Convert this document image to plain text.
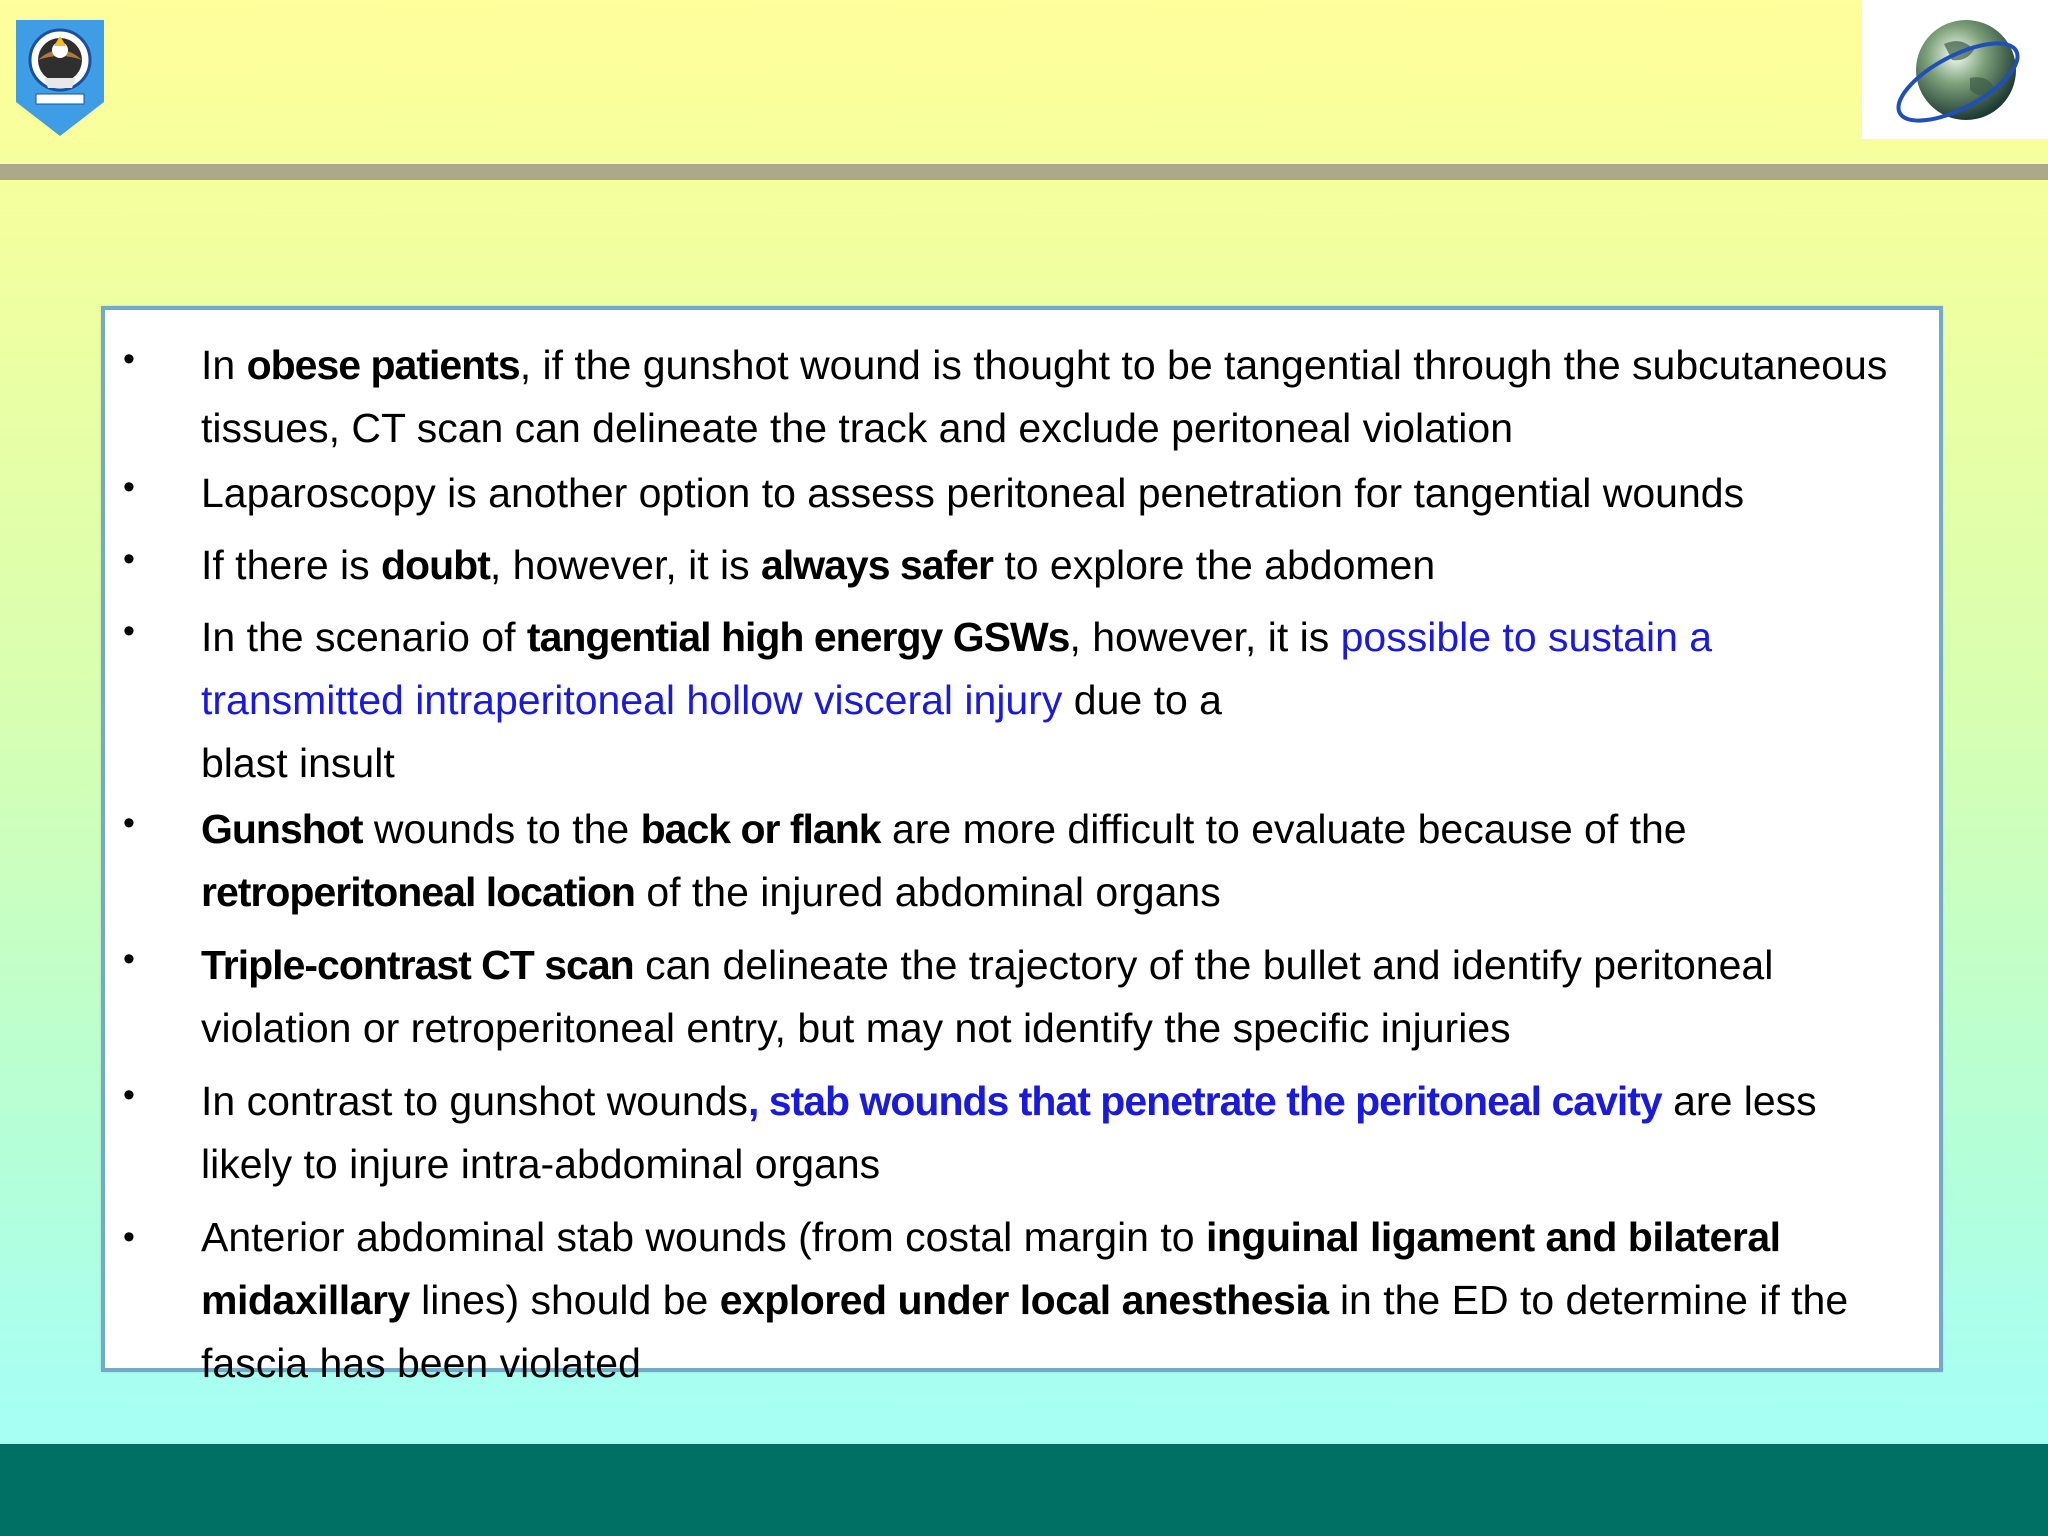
• In obese patients, if the gunshot wound is thought to be tangential through the subcutaneous tissues, CT scan can delineate the track and exclude peritoneal violation
• Laparoscopy is another option to assess peritoneal penetration for tangential wounds
• If there is doubt, however, it is always safer to explore the abdomen
• In the scenario of tangential high energy GSWs, however, it is possible to sustain a transmitted intraperitoneal hollow visceral injury due to a
blast insult
• Gunshot wounds to the back or flank are more difficult to evaluate because of the retroperitoneal location of the injured abdominal organs
• Triple-contrast CT scan can delineate the trajectory of the bullet and identify peritoneal violation or retroperitoneal entry, but may not identify the specific injuries
• In contrast to gunshot wounds, stab wounds that penetrate the peritoneal cavity are less likely to injure intra-abdominal organs
• Anterior abdominal stab wounds (from costal margin to inguinal ligament and bilateral midaxillary lines) should be explored under local anesthesia in the ED to determine if the fascia has been violated
